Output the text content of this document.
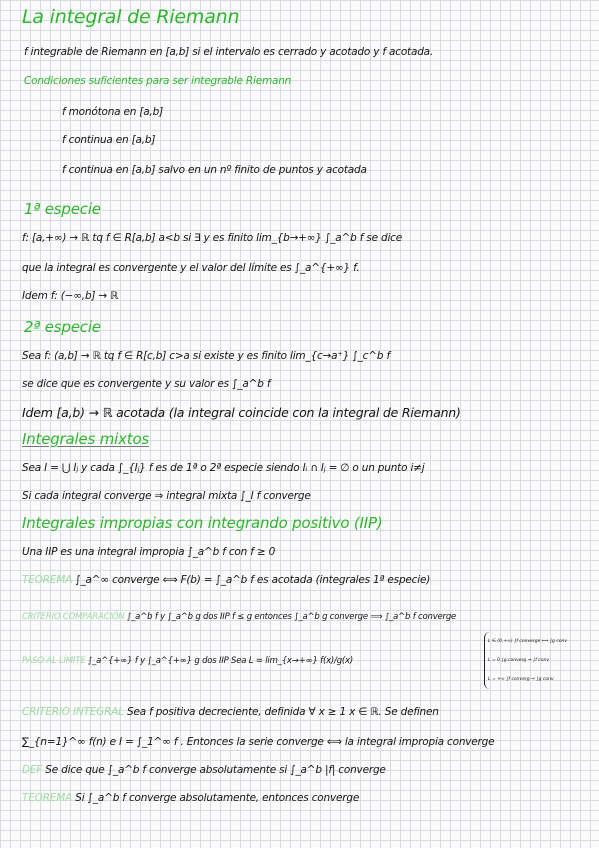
La integral de Riemann
f integrable de Riemann en [a,b] si el intervalo es cerrado y acotado y f acotada.
Condiciones suficientes para ser integrable Riemann
f monótona en [a,b]
f continua en [a,b]
f continua en [a,b] salvo en un nº finito de puntos y acotada
1ª especie
f: [a,+∞) → ℝ tq f ∈ R[a,b] a<b si ∃ y es finito lim_{b→+∞} ∫_a^b f se dice
que la integral es convergente y el valor del límite es ∫_a^{+∞} f.
Idem f: (−∞,b] → ℝ
2ª especie
Sea f: (a,b] → ℝ tq f ∈ R[c,b] c>a si existe y es finito lim_{c→a⁺} ∫_c^b f
se dice que es convergente y su valor es ∫_a^b f
Idem [a,b) → ℝ acotada (la integral coincide con la integral de Riemann)
Integrales mixtos
Sea I = ⋃ Iⱼ y cada ∫_{Iⱼ} f es de 1ª o 2ª especie siendo Iᵢ ∩ Iⱼ = ∅ o un punto i≠j
Si cada integral converge ⇒ integral mixta ∫_I f converge
Integrales impropias con integrando positivo (IIP)
Una IIP es una integral impropia ∫_a^b f con f ≥ 0
TEOREMA ∫_a^∞ converge ⟺ F(b) = ∫_a^b f es acotada (integrales 1ª especie)
CRITERIO COMPARACIÓN ∫_a^b f y ∫_a^b g dos IIP f ≤ g entonces ∫_a^b g converge ⟹ ∫_a^b f converge
PASO AL LÍMITE ∫_a^{+∞} f y ∫_a^{+∞} g dos IIP Sea L = lim_{x→+∞} f(x)/g(x)
L ∈ (0,+∞) ∫f converge ⟺ ∫g conv
L = 0 ∫g converg ⇒ ∫f conv
L = +∞ ∫f converg ⇒ ∫g conv
CRITERIO INTEGRAL Sea f positiva decreciente, definida ∀ x ≥ 1 x ∈ ℝ. Se definen
∑_{n=1}^∞ f(n) e I = ∫_1^∞ f . Entonces la serie converge ⟺ la integral impropia converge
DEF Se dice que ∫_a^b f converge absolutamente si ∫_a^b |f| converge
TEOREMA Si ∫_a^b f converge absolutamente, entonces converge
